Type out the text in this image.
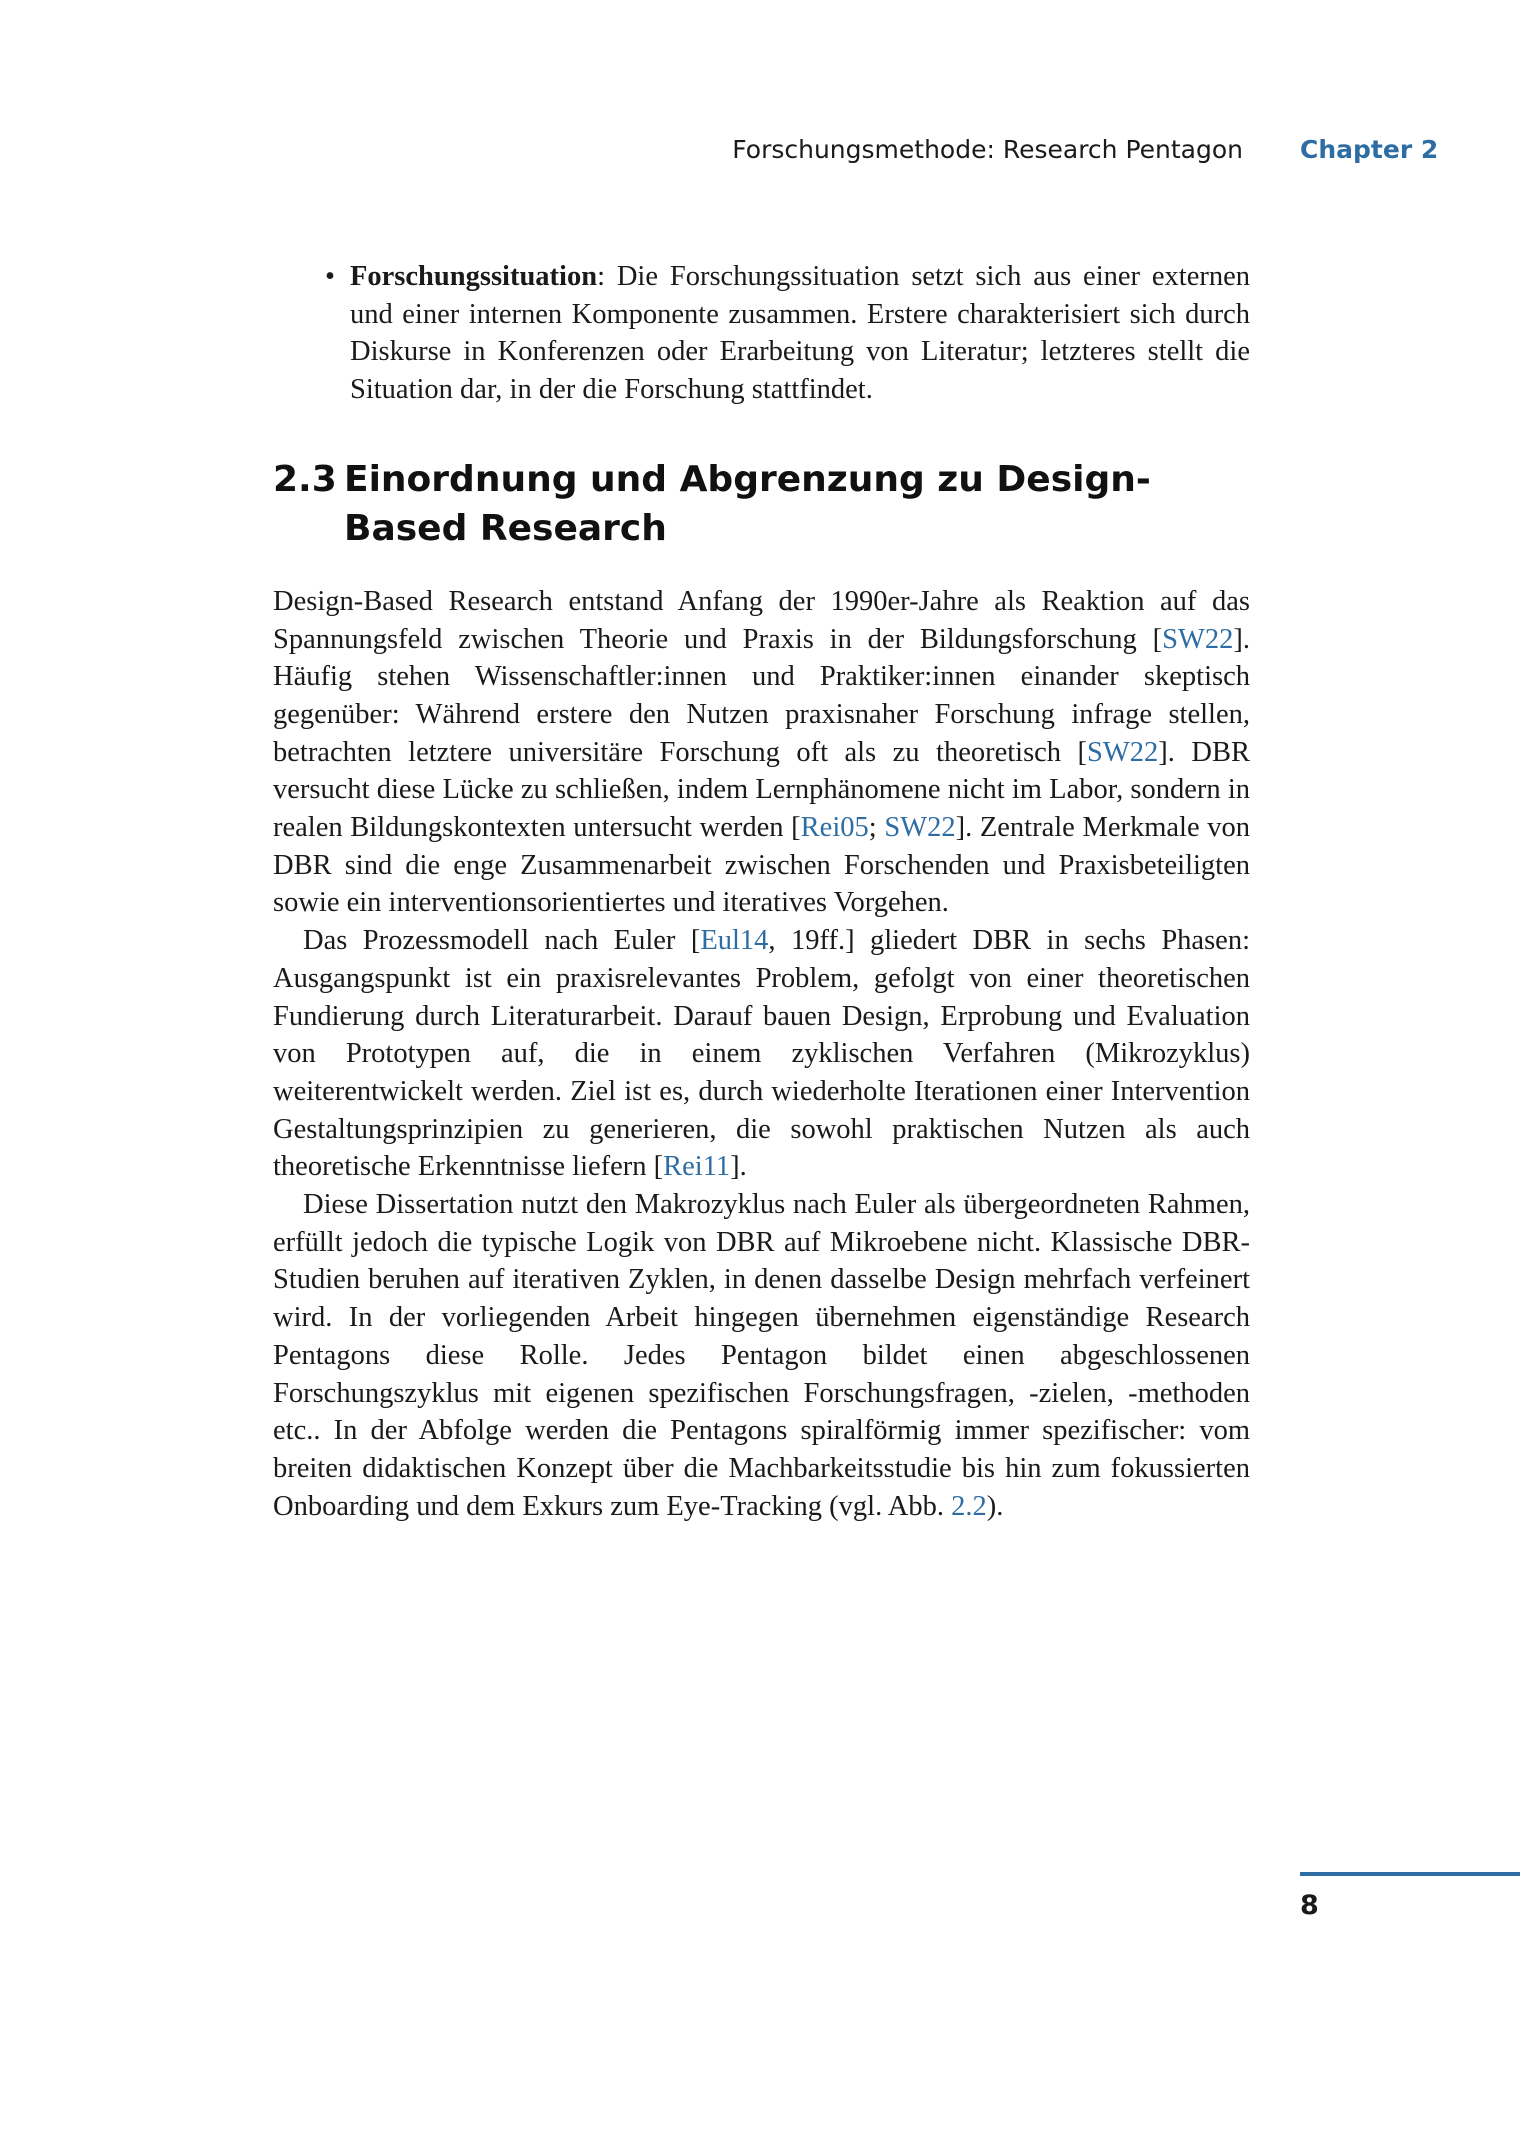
Forschungsmethode: Research Pentagon Chapter 2
• Forschungssituation: Die Forschungssituation setzt sich aus einer externen und einer internen Komponente zusammen. Erstere charakterisiert sich durch Diskurse in Konferenzen oder Erarbeitung von Literatur; letzteres stellt die Situation dar, in der die Forschung stattfindet.
2.3 Einordnung und Abgrenzung zu Design-Based Research

Design-Based Research entstand Anfang der 1990er-Jahre als Reaktion auf das Spannungsfeld zwischen Theorie und Praxis in der Bildungsforschung [SW22]. Häufig stehen Wissenschaftler:innen und Praktiker:innen einander skeptisch gegenüber: Während erstere den Nutzen praxisnaher Forschung infrage stellen, betrachten letztere universitäre Forschung oft als zu theoretisch [SW22]. DBR versucht diese Lücke zu schließen, indem Lernphänomene nicht im Labor, sondern in realen Bildungskontexten untersucht werden [Rei05; SW22]. Zentrale Merkmale von DBR sind die enge Zusammenarbeit zwischen Forschenden und Praxisbeteiligten sowie ein interventionsorientiertes und iteratives Vorgehen.

Das Prozessmodell nach Euler [Eul14, 19ff.] gliedert DBR in sechs Phasen: Ausgangspunkt ist ein praxisrelevantes Problem, gefolgt von einer theoretischen Fundierung durch Literaturarbeit. Darauf bauen Design, Erprobung und Evaluation von Prototypen auf, die in einem zyklischen Verfahren (Mikrozyklus) weiterentwickelt werden. Ziel ist es, durch wiederholte Iterationen einer Intervention Gestaltungsprinzipien zu generieren, die sowohl praktischen Nutzen als auch theoretische Erkenntnisse liefern [Rei11].

Diese Dissertation nutzt den Makrozyklus nach Euler als übergeordneten Rahmen, erfüllt jedoch die typische Logik von DBR auf Mikroebene nicht. Klassische DBR-Studien beruhen auf iterativen Zyklen, in denen dasselbe Design mehrfach verfeinert wird. In der vorliegenden Arbeit hingegen übernehmen eigenständige Research Pentagons diese Rolle. Jedes Pentagon bildet einen abgeschlossenen Forschungszyklus mit eigenen spezifischen Forschungsfragen, -zielen, -methoden etc.. In der Abfolge werden die Pentagons spiralförmig immer spezifischer: vom breiten didaktischen Konzept über die Machbarkeitsstudie bis hin zum fokussierten Onboarding und dem Exkurs zum Eye-Tracking (vgl. Abb. 2.2).

8
